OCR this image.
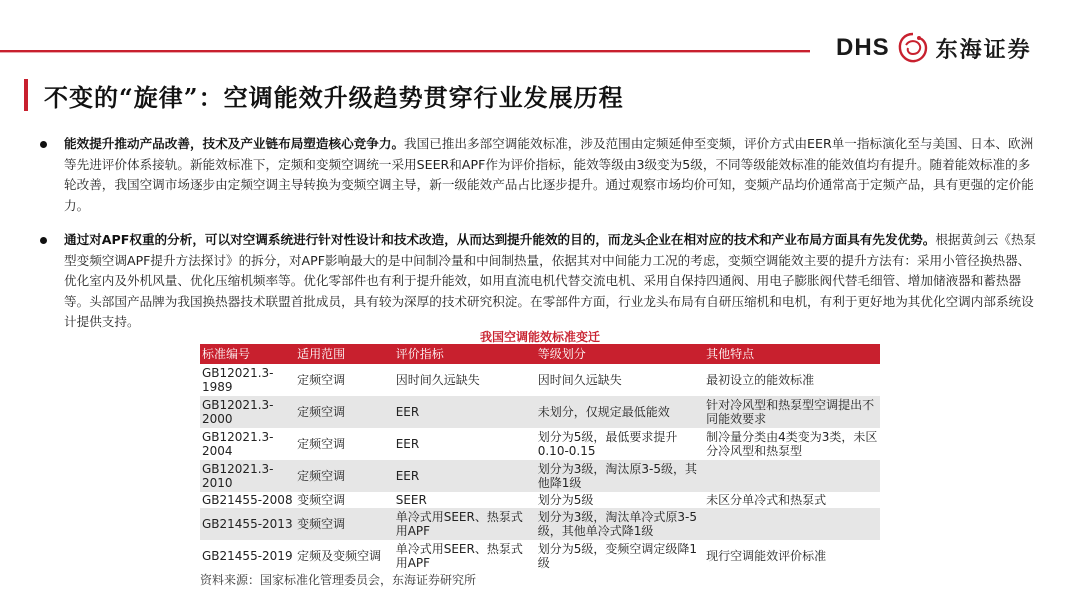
DHS 东海证券
不变的“旋律”：空调能效升级趋势贯穿行业发展历程
能效提升推动产品改善，技术及产业链布局塑造核心竞争力。我国已推出多部空调能效标准，涉及范围由定频延伸至变频，评价方式由EER单一指标演化至与美国、日本、欧洲等先进评价体系接轨。新能效标准下，定频和变频空调统一采用SEER和APF作为评价指标，能效等级由3级变为5级，不同等级能效标准的能效值均有提升。随着能效标准的多轮改善，我国空调市场逐步由定频空调主导转换为变频空调主导，新一级能效产品占比逐步提升。通过观察市场均价可知，变频产品均价通常高于定频产品，具有更强的定价能力。
通过对APF权重的分析，可以对空调系统进行针对性设计和技术改造，从而达到提升能效的目的，而龙头企业在相对应的技术和产业布局方面具有先发优势。根据黄剑云《热泵型变频空调APF提升方法探讨》的拆分，对APF影响最大的是中间制冷量和中间制热量，依据其对中间能力工况的考虑，变频空调能效主要的提升方法有：采用小管径换热器、优化室内及外机风量、优化压缩机频率等。优化零部件也有利于提升能效，如用直流电机代替交流电机、采用自保持四通阀、用电子膨胀阀代替毛细管、增加储液器和蓄热器等。头部国产品牌为我国换热器技术联盟首批成员，具有较为深厚的技术研究积淀。在零部件方面，行业龙头布局有自研压缩机和电机，有利于更好地为其优化空调内部系统设计提供支持。
我国空调能效标准变迁
标准编号	适用范围	评价指标	等级划分	其他特点
GB12021.3-1989	定频空调	因时间久远缺失	因时间久远缺失	最初设立的能效标准
GB12021.3-2000	定频空调	EER	未划分，仅规定最低能效	针对冷风型和热泵型空调提出不同能效要求
GB12021.3-2004	定频空调	EER	划分为5级，最低要求提升0.10-0.15	制冷量分类由4类变为3类，未区分冷风型和热泵型
GB12021.3-2010	定频空调	EER	划分为3级，淘汰原3-5级，其他降1级	
GB21455-2008	变频空调	SEER	划分为5级	未区分单冷式和热泵式
GB21455-2013	变频空调	单冷式用SEER、热泵式用APF	划分为3级，淘汰单冷式原3-5级，其他单冷式降1级	
GB21455-2019	定频及变频空调	单冷式用SEER、热泵式用APF	划分为5级，变频空调定级降1级	现行空调能效评价标准
资料来源：国家标准化管理委员会，东海证券研究所
